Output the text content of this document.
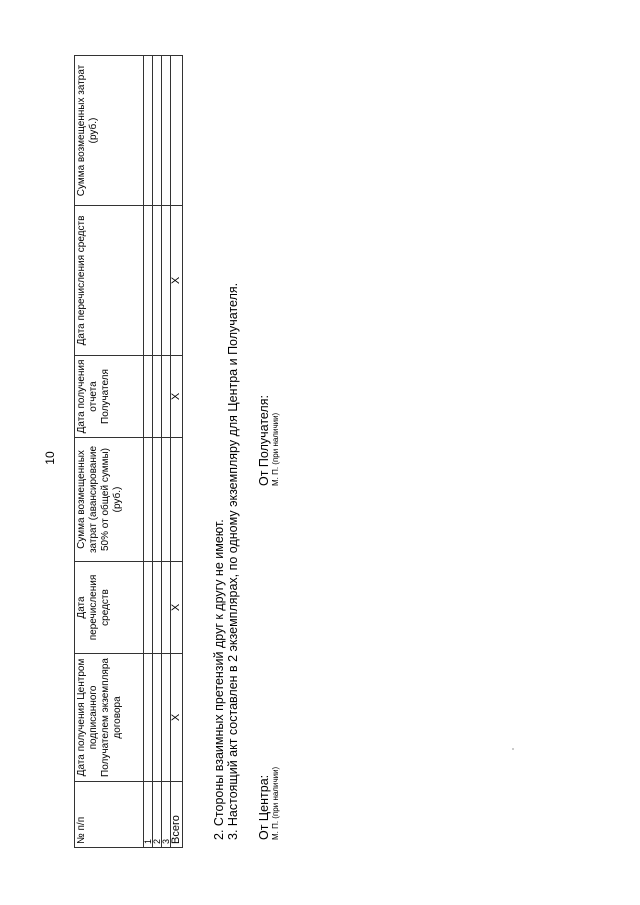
10
№ п/п	Дата получения Центром подписанного Получателем экземпляра договора	Дата перечисления средств	Сумма возмещенных затрат (авансирование 50% от общей суммы) (руб.)	Дата получения отчета Получателя	Дата перечисления средств	Сумма возмещенных затрат (руб.)
1						
2						
3						
Всего	X	X		X	X	

2. Стороны взаимных претензий друг к другу не имеют. 3. Настоящий акт составлен в 2 экземплярах, по одному экземпляру для Центра и Получателя. От Центра: М. П. (при наличии)
От Получателя: М. П. (при наличии)
